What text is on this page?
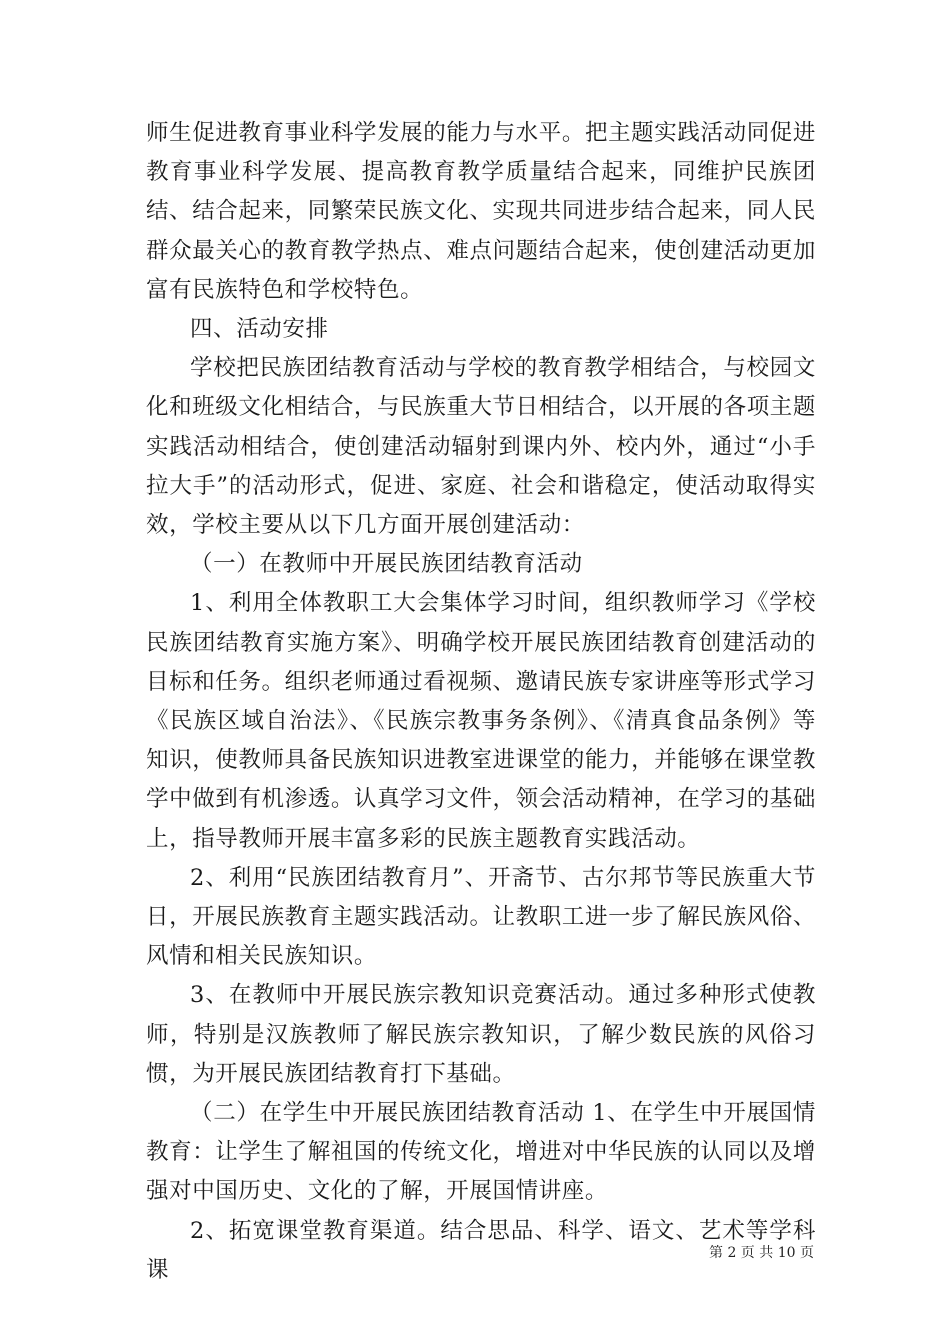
师生促进教育事业科学发展的能力与水平。把主题实践活动同促进教育事业科学发展、提高教育教学质量结合起来，同维护民族团结、结合起来，同繁荣民族文化、实现共同进步结合起来，同人民群众最关心的教育教学热点、难点问题结合起来，使创建活动更加富有民族特色和学校特色。

四、活动安排

学校把民族团结教育活动与学校的教育教学相结合，与校园文化和班级文化相结合，与民族重大节日相结合，以开展的各项主题实践活动相结合，使创建活动辐射到课内外、校内外，通过“小手拉大手”的活动形式，促进、家庭、社会和谐稳定，使活动取得实效，学校主要从以下几方面开展创建活动：

（一）在教师中开展民族团结教育活动

1、利用全体教职工大会集体学习时间，组织教师学习《学校民族团结教育实施方案》、明确学校开展民族团结教育创建活动的目标和任务。组织老师通过看视频、邀请民族专家讲座等形式学习《民族区域自治法》、《民族宗教事务条例》、《清真食品条例》等知识，使教师具备民族知识进教室进课堂的能力，并能够在课堂教学中做到有机渗透。认真学习文件，领会活动精神，在学习的基础上，指导教师开展丰富多彩的民族主题教育实践活动。

2、利用“民族团结教育月”、开斋节、古尔邦节等民族重大节日，开展民族教育主题实践活动。让教职工进一步了解民族风俗、风情和相关民族知识。

3、在教师中开展民族宗教知识竞赛活动。通过多种形式使教师，特别是汉族教师了解民族宗教知识，了解少数民族的风俗习惯，为开展民族团结教育打下基础。

（二）在学生中开展民族团结教育活动 1、在学生中开展国情教育：让学生了解祖国的传统文化，增进对中华民族的认同以及增强对中国历史、文化的了解，开展国情讲座。

2、拓宽课堂教育渠道。结合思品、科学、语文、艺术等学科课

第 2 页 共 10 页
